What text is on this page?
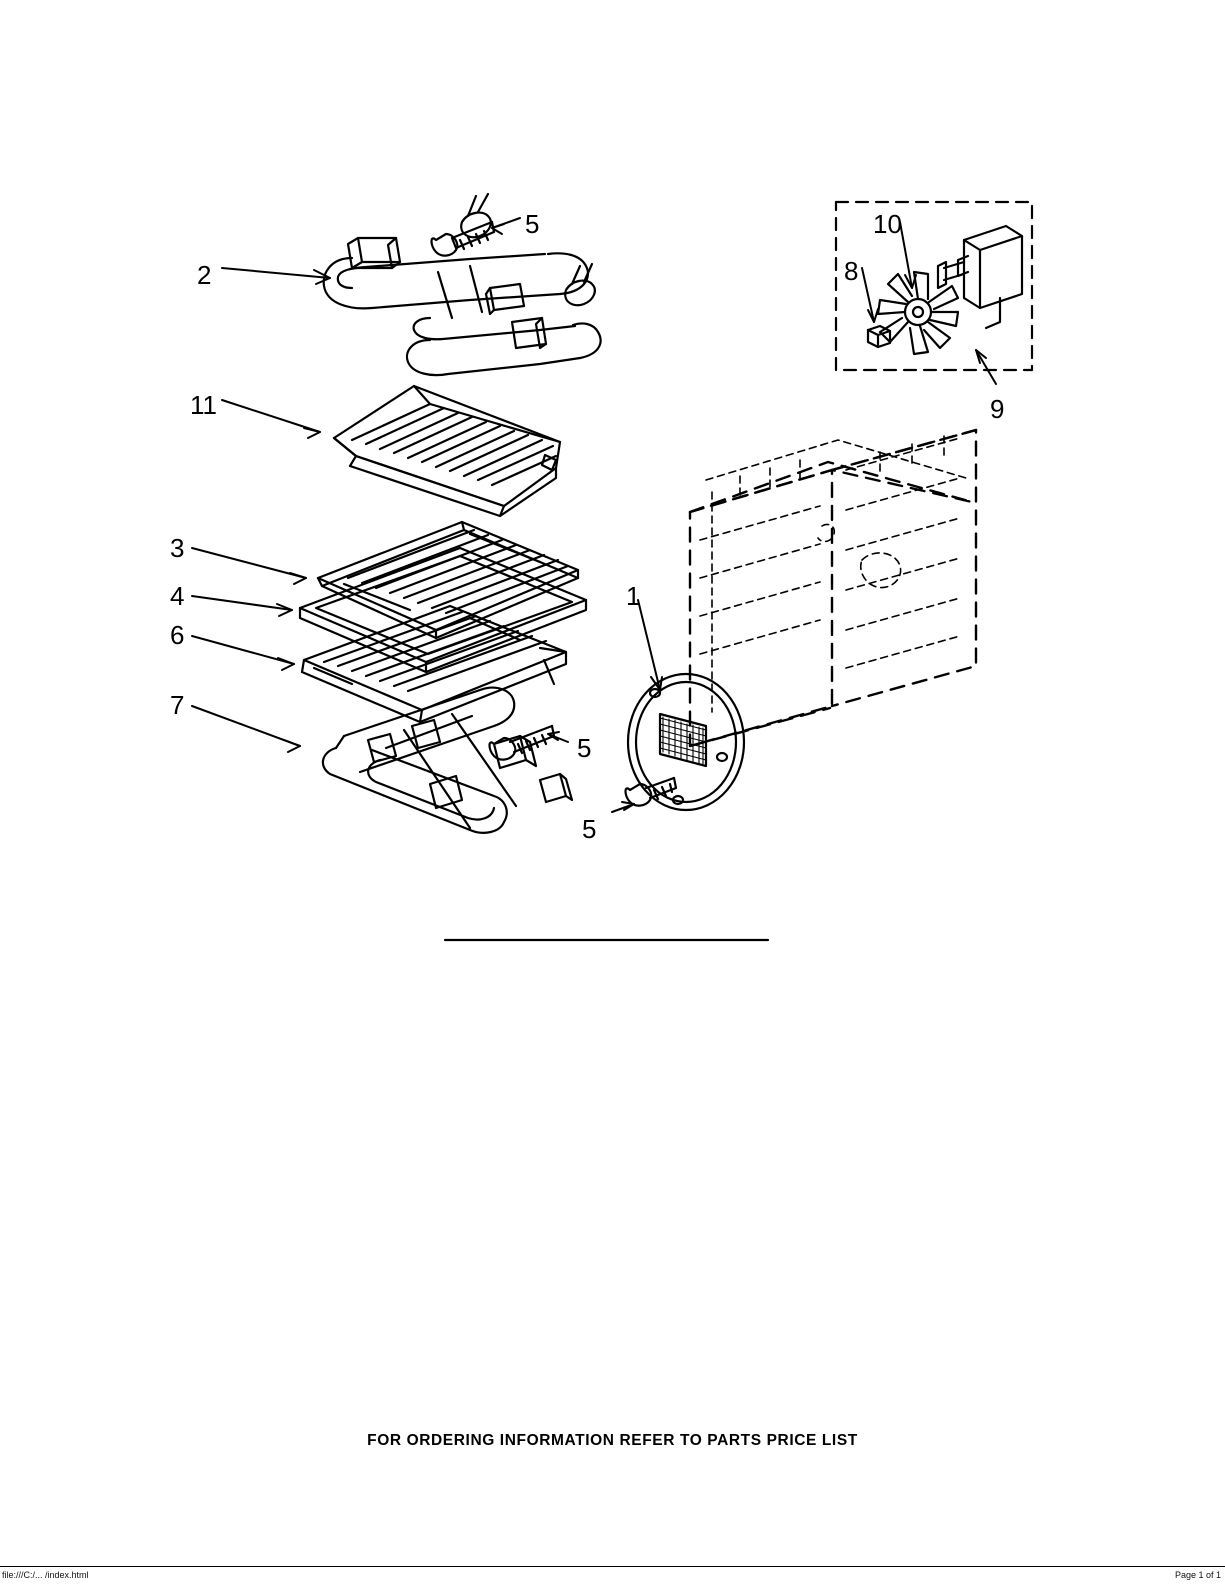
2
5
11
3
4
6
7
5
5
1
10
8
9
FOR ORDERING INFORMATION REFER TO PARTS PRICE LIST
file:///C:/... /index.html	Page 1 of 1
